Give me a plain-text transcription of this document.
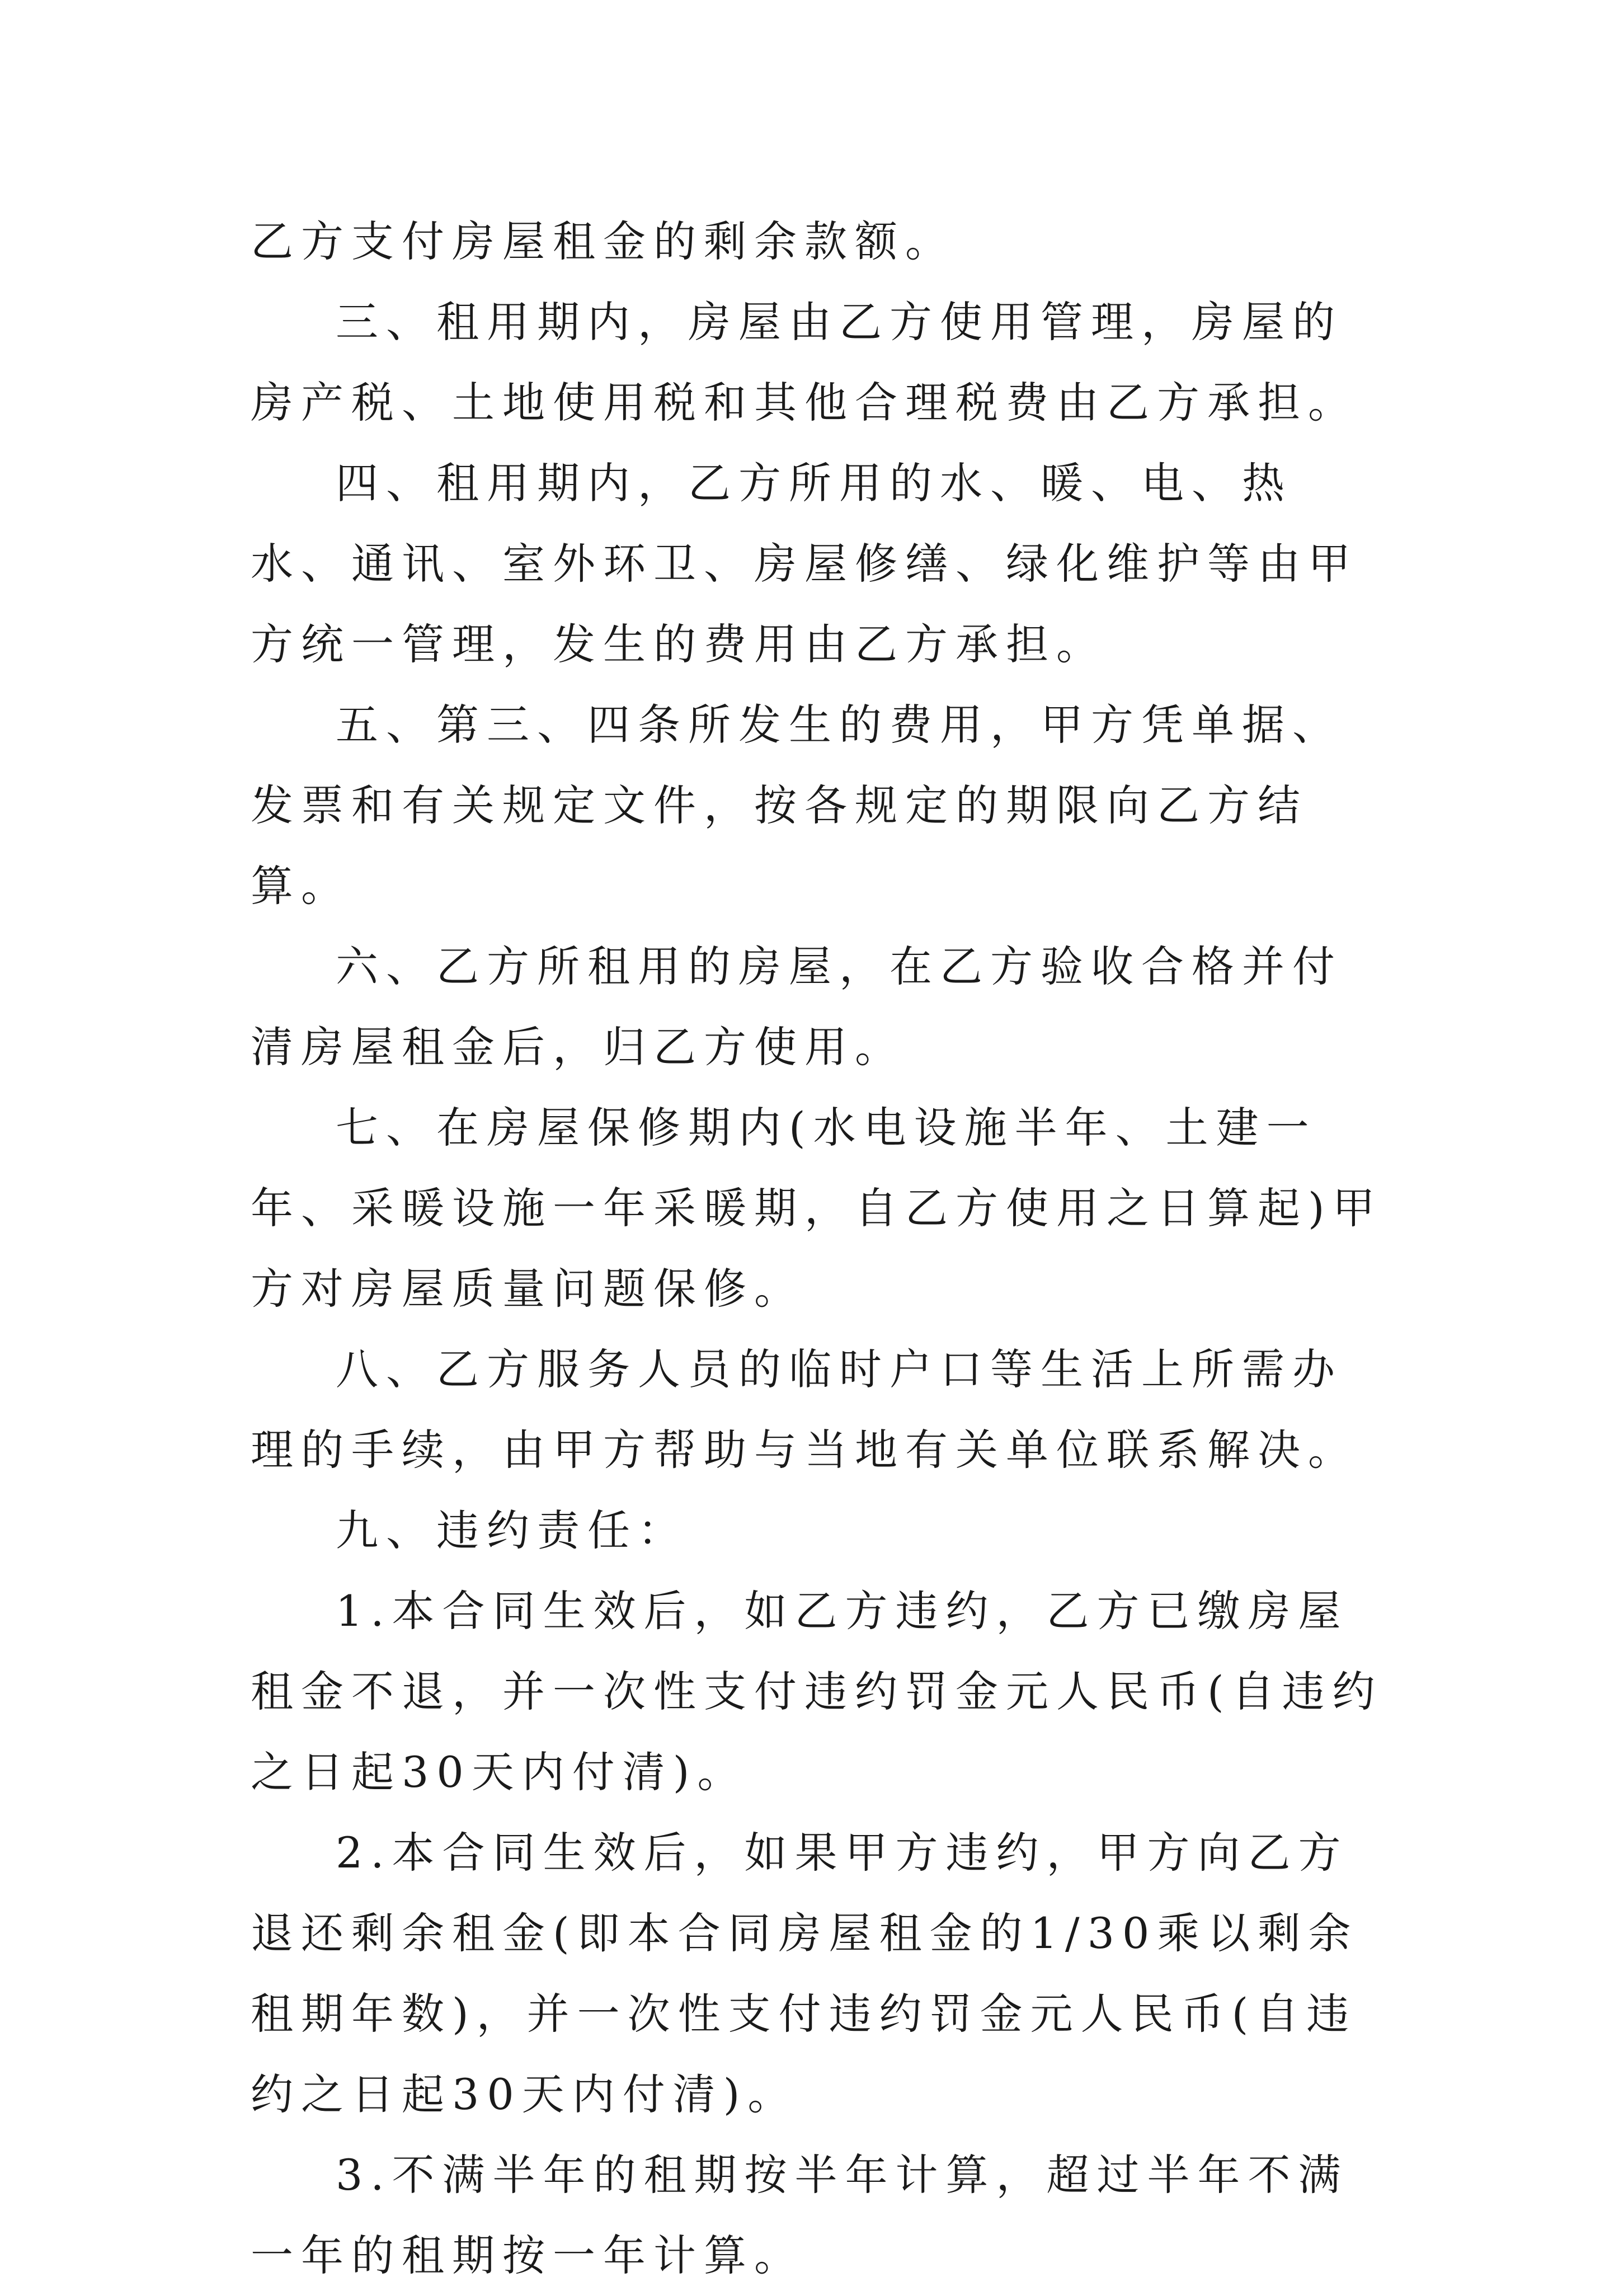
乙方支付房屋租金的剩余款额。

三、租用期内，房屋由乙方使用管理，房屋的房产税、土地使用税和其他合理税费由乙方承担。

四、租用期内，乙方所用的水、暖、电、热水、通讯、室外环卫、房屋修缮、绿化维护等由甲方统一管理，发生的费用由乙方承担。

五、第三、四条所发生的费用，甲方凭单据、发票和有关规定文件，按各规定的期限向乙方结算。

六、乙方所租用的房屋，在乙方验收合格并付清房屋租金后，归乙方使用。

七、在房屋保修期内(水电设施半年、土建一年、采暖设施一年采暖期，自乙方使用之日算起)甲方对房屋质量问题保修。

八、乙方服务人员的临时户口等生活上所需办理的手续，由甲方帮助与当地有关单位联系解决。

九、违约责任：

1.本合同生效后，如乙方违约，乙方已缴房屋租金不退，并一次性支付违约罚金元人民币(自违约之日起30天内付清)。

2.本合同生效后，如果甲方违约，甲方向乙方退还剩余租金(即本合同房屋租金的1/30乘以剩余租期年数)，并一次性支付违约罚金元人民币(自违约之日起30天内付清)。

3.不满半年的租期按半年计算，超过半年不满一年的租期按一年计算。
